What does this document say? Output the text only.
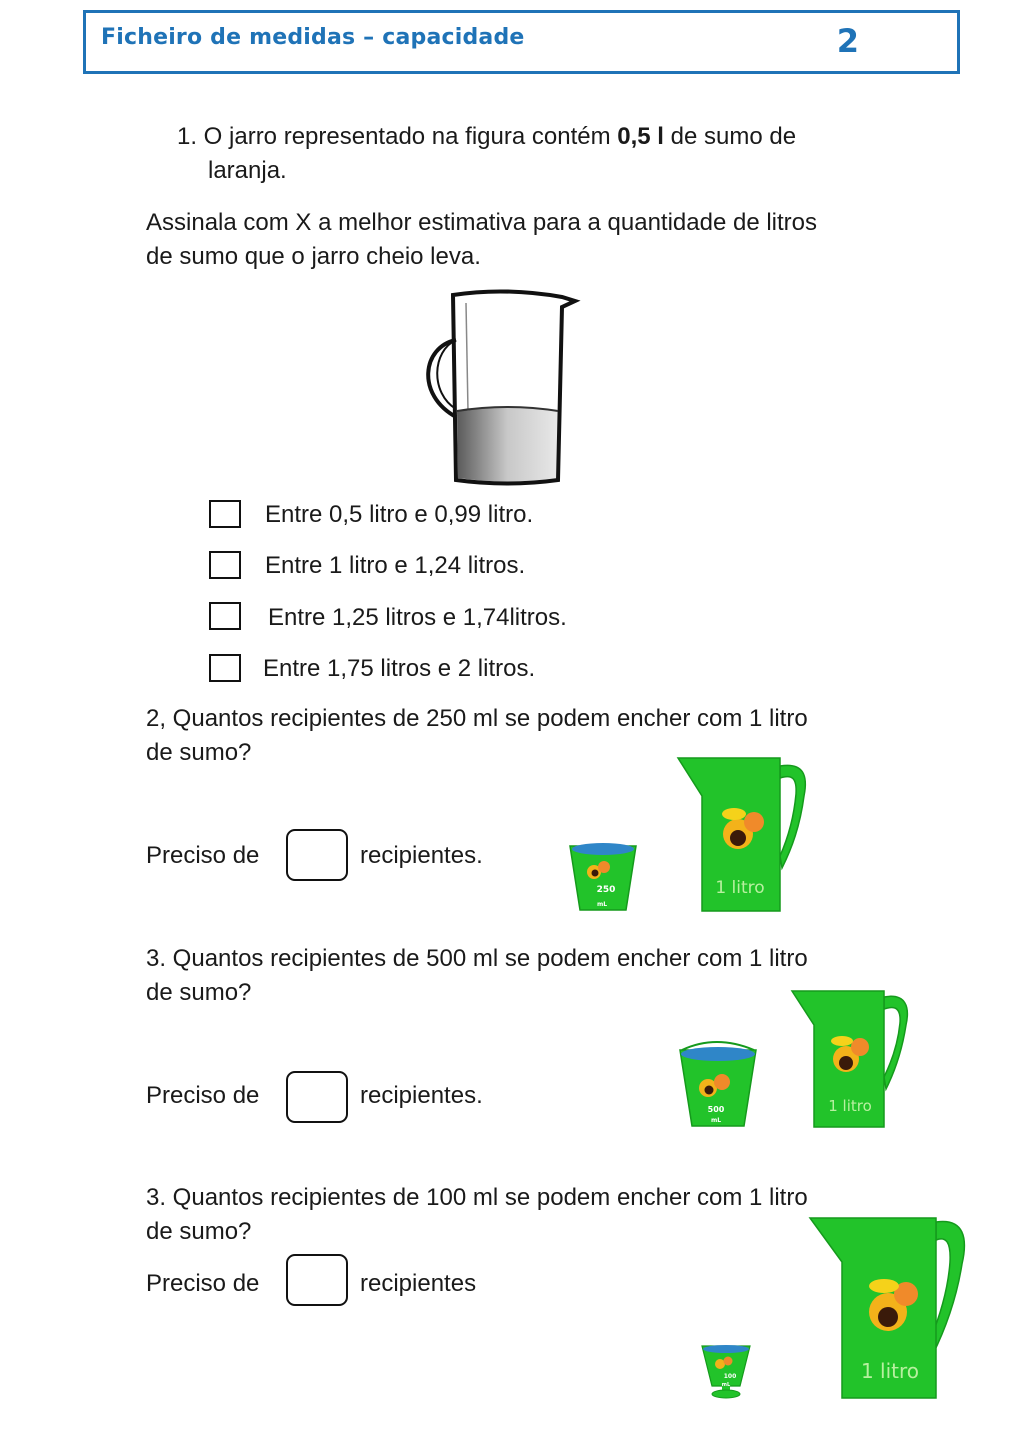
Ficheiro de medidas – capacidade	2
1. O jarro representado na figura contém 0,5 l de sumo de
laranja.
Assinala com X a melhor estimativa para a quantidade de litros
de sumo que o jarro cheio leva.
Entre 0,5 litro e 0,99 litro.
Entre 1 litro e 1,24 litros.
Entre 1,25 litros e 1,74litros.
Entre 1,75 litros e 2 litros.
2, Quantos recipientes de 250 ml se podem encher com 1 litro
de sumo?
Preciso de	recipientes.
250
mL
1 litro
3. Quantos recipientes de 500 ml se podem encher com 1 litro
de sumo?
Preciso de	recipientes.
500
mL
1 litro
3. Quantos recipientes de 100 ml se podem encher com 1 litro
de sumo?
Preciso de	recipientes
100
mL
1 litro
